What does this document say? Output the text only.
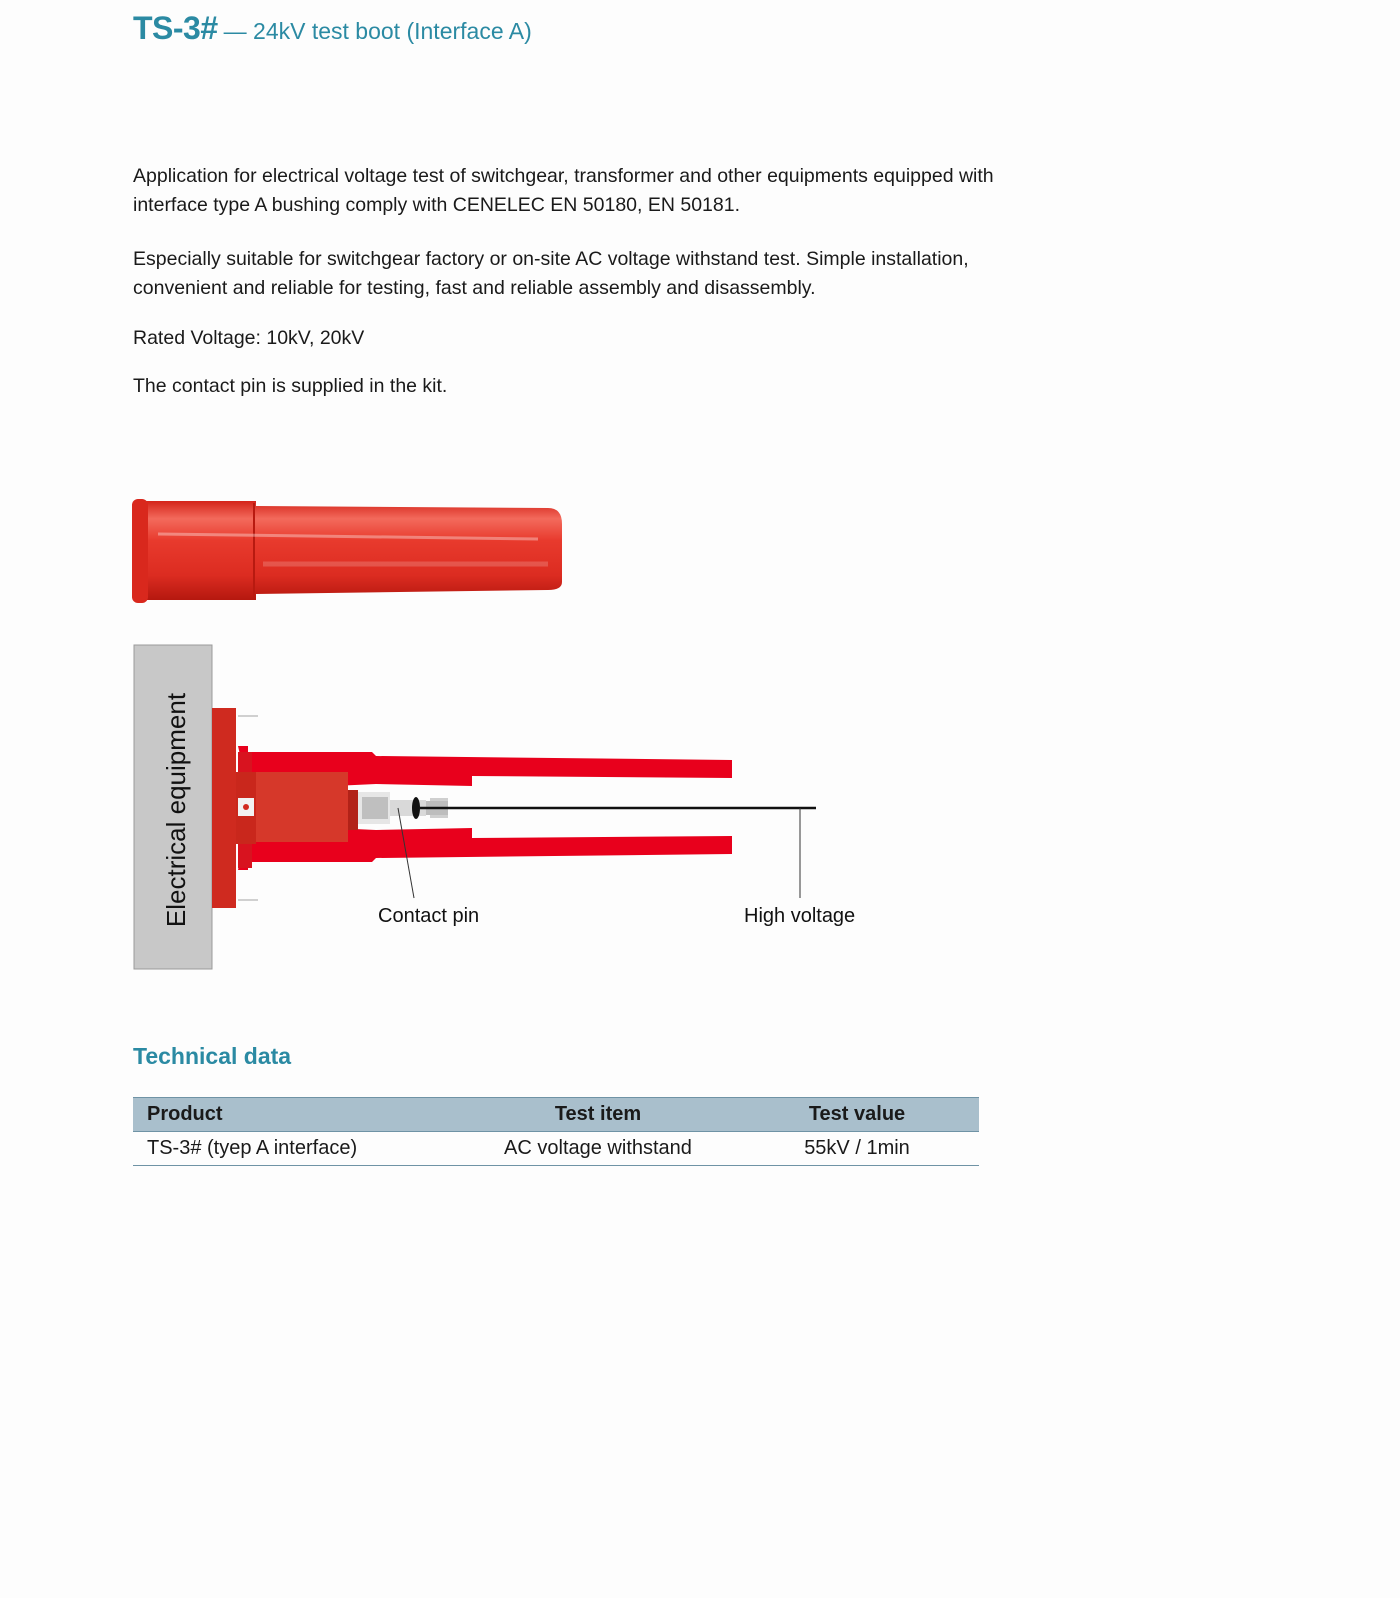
TS-3# — 24kV test boot (Interface A)

Application for electrical voltage test of switchgear, transformer and other equipments equipped with interface type A bushing comply with CENELEC EN 50180, EN 50181.

Especially suitable for switchgear factory or on-site AC voltage withstand test. Simple installation, convenient and reliable for testing, fast and reliable assembly and disassembly.

Rated Voltage: 10kV, 20kV

The contact pin is supplied in the kit.

Electrical equipment	Contact pin	High voltage
Technical data
Product	Test item	Test value
TS-3# (tyep A interface)	AC voltage withstand	55kV / 1min
